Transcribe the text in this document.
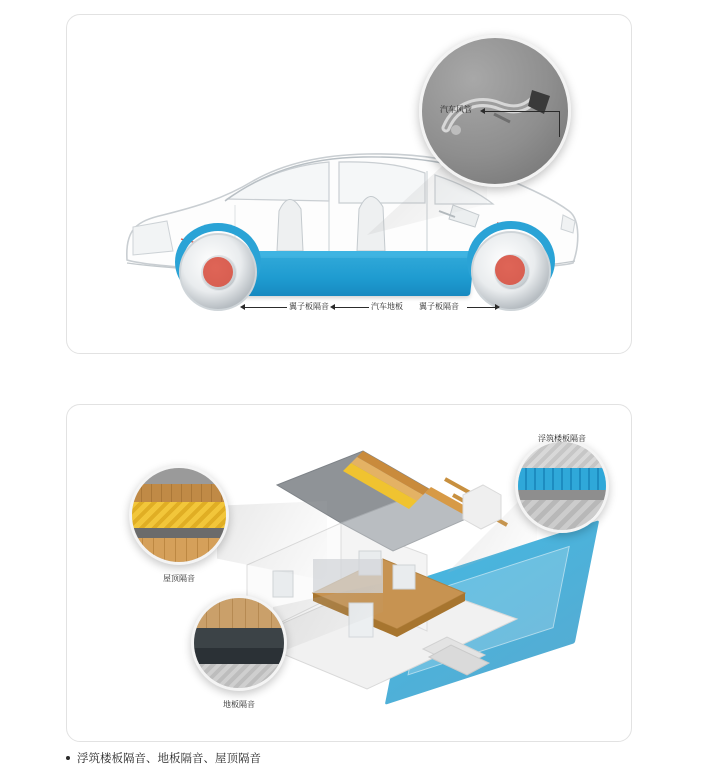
汽车风管
翼子板隔音	汽车地板 翼子板隔音
屋顶隔音
地板隔音
浮筑楼板隔音
浮筑楼板隔音、地板隔音、屋顶隔音
